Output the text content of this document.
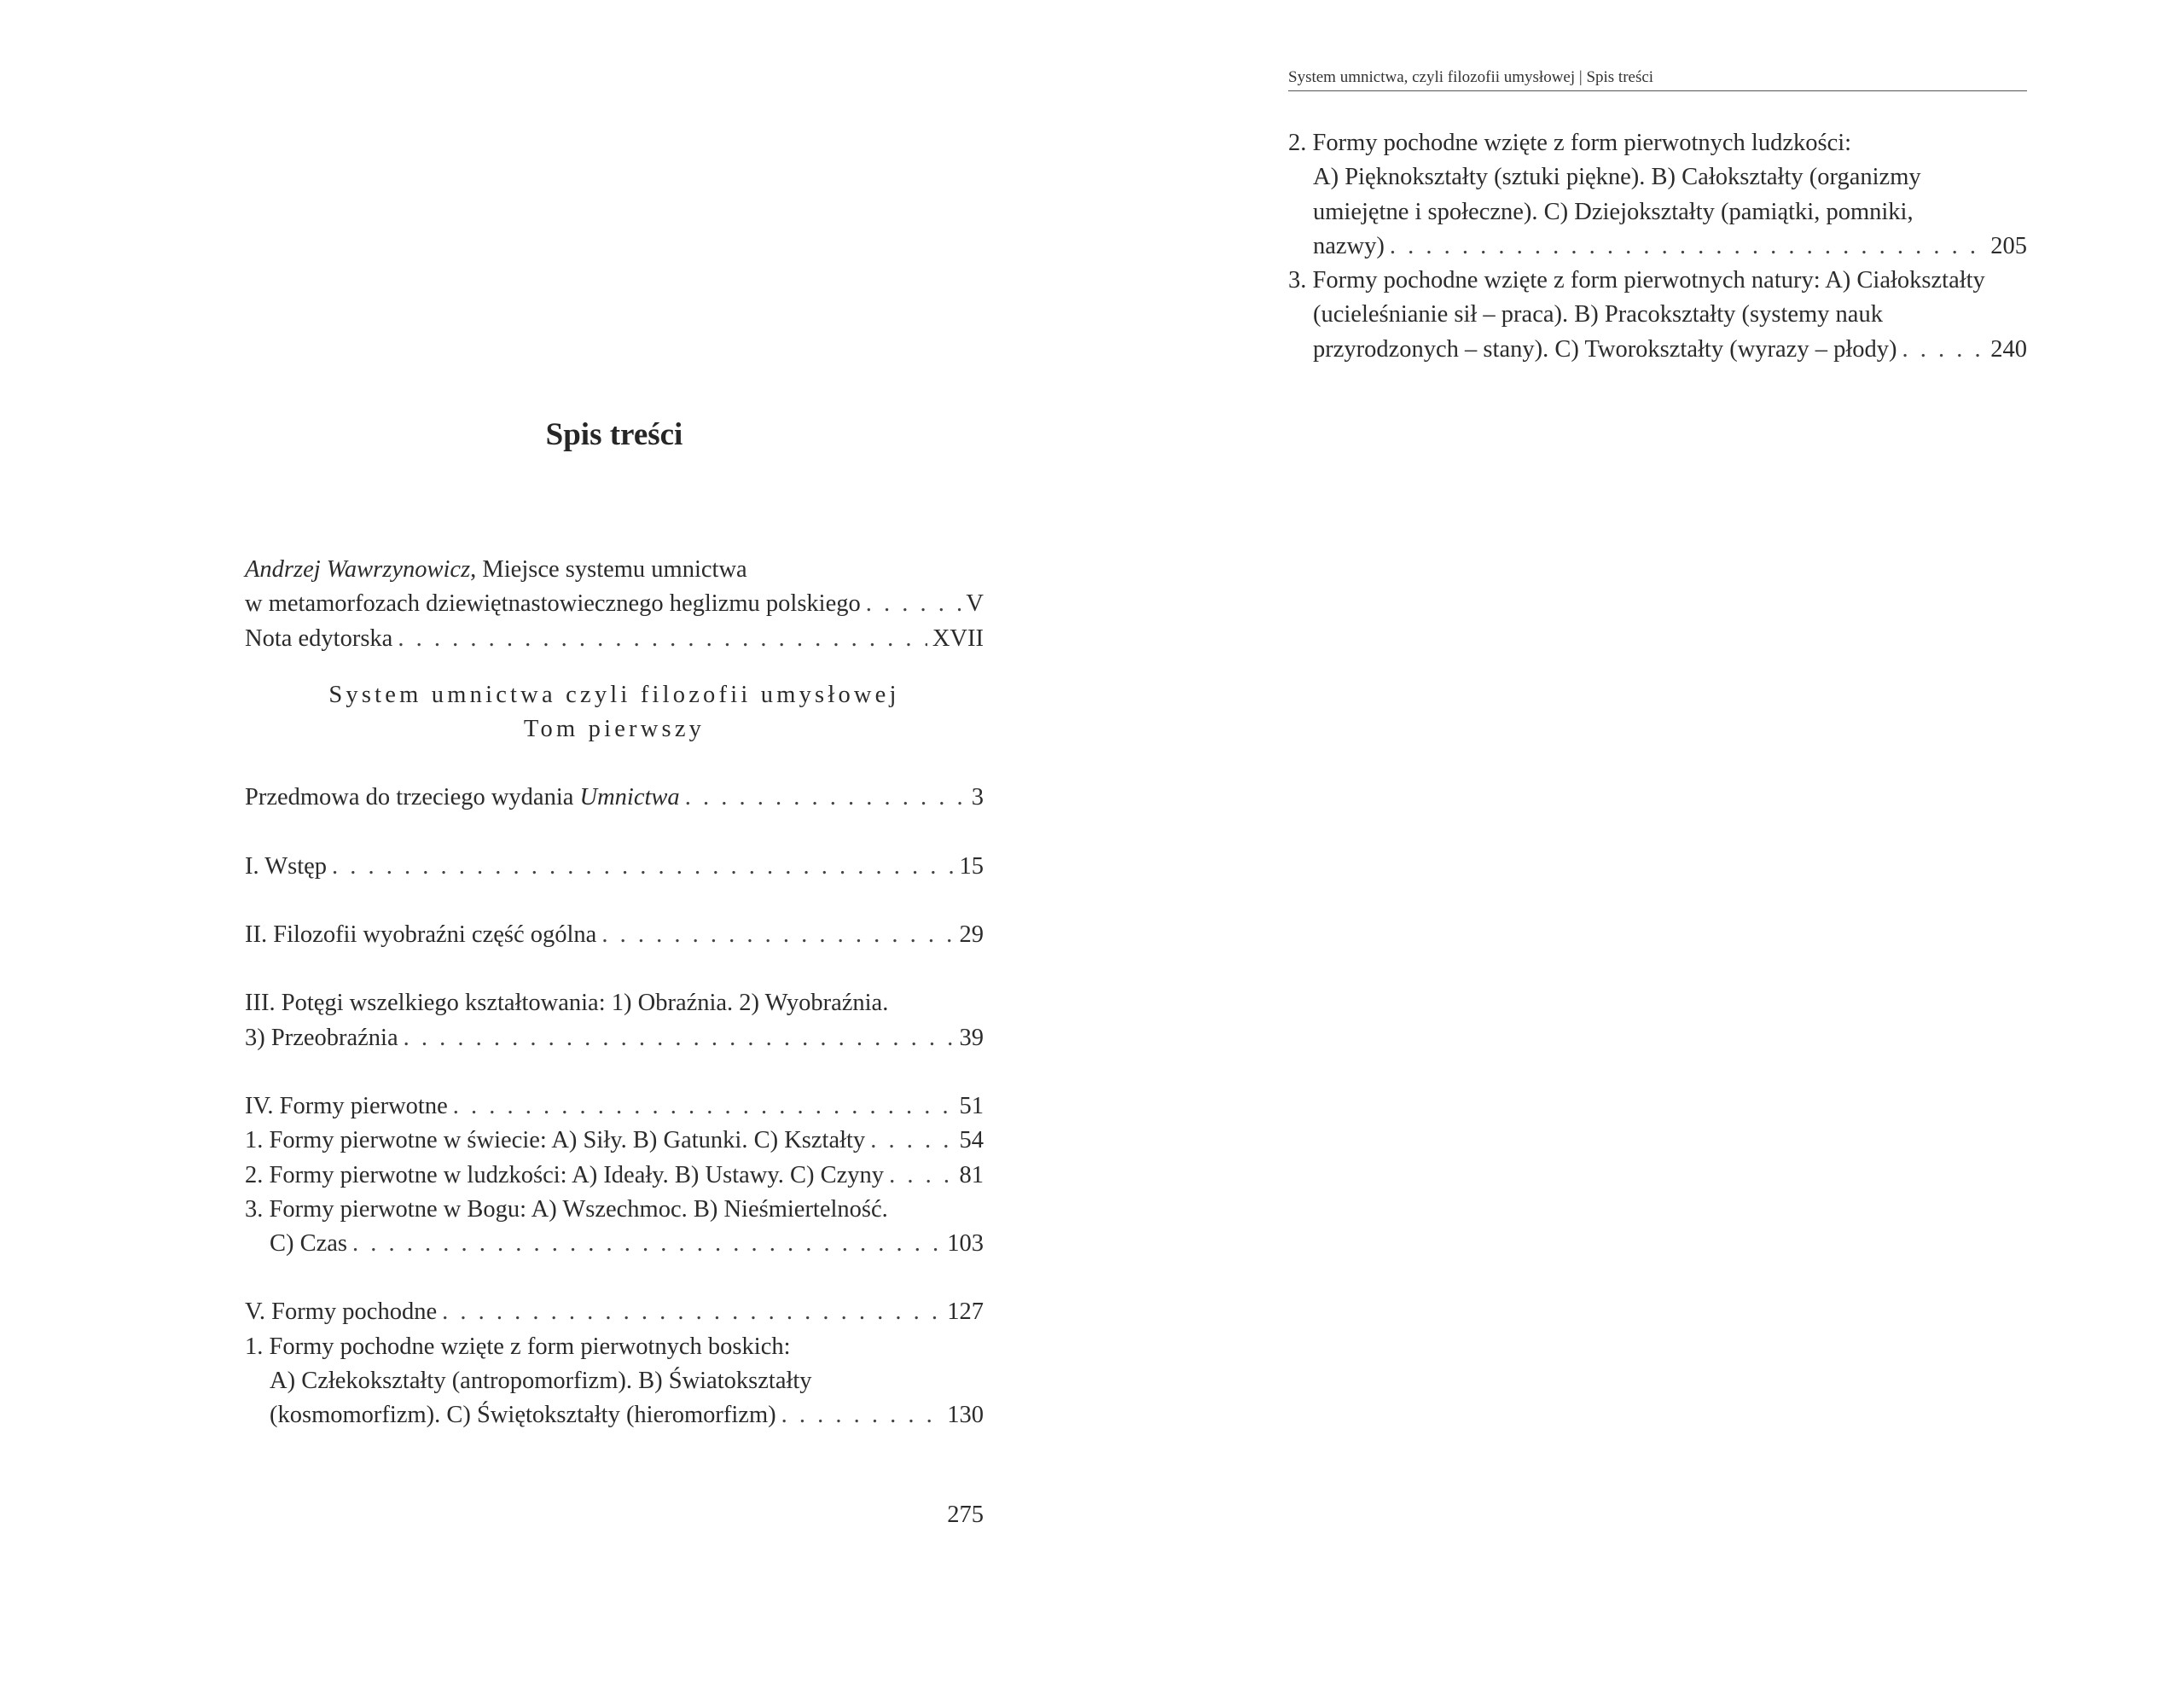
Spis treści
Andrzej Wawrzynowicz, Miejsce systemu umnictwa
w metamorfozach dziewiętnastowiecznego heglizmu polskiego . . .	V
Nota edytorska . . .	XVII
System umnictwa czyli filozofii umysłowej
Tom pierwszy
Przedmowa do trzeciego wydania Umnictwa . . .	3
I. Wstęp . . .	15
II. Filozofii wyobraźni część ogólna . . .	29
III. Potęgi wszelkiego kształtowania: 1) Obraźnia. 2) Wyobraźnia.
3) Przeobraźnia . . .	39
IV. Formy pierwotne . . .	51
1. Formy pierwotne w świecie: A) Siły. B) Gatunki. C) Kształty . . .	54
2. Formy pierwotne w ludzkości: A) Ideały. B) Ustawy. C) Czyny . . .	81
3. Formy pierwotne w Bogu: A) Wszechmoc. B) Nieśmiertelność.
C) Czas . . .	103
V. Formy pochodne . . .	127
1. Formy pochodne wzięte z form pierwotnych boskich:
A) Człekokształty (antropomorfizm). B) Światokształty
(kosmomorfizm). C) Świętokształty (hieromorfizm) . . .	130
275
System umnictwa, czyli filozofii umysłowej | Spis treści
2. Formy pochodne wzięte z form pierwotnych ludzkości:
A) Pięknokształty (sztuki piękne). B) Całokształty (organizmy
umiejętne i społeczne). C) Dziejokształty (pamiątki, pomniki,
nazwy) . . .	205
3. Formy pochodne wzięte z form pierwotnych natury: A) Ciałokształty
(ucieleśnianie sił – praca). B) Pracokształty (systemy nauk
przyrodzonych – stany). C) Tworokształty (wyrazy – płody) . . .	240
